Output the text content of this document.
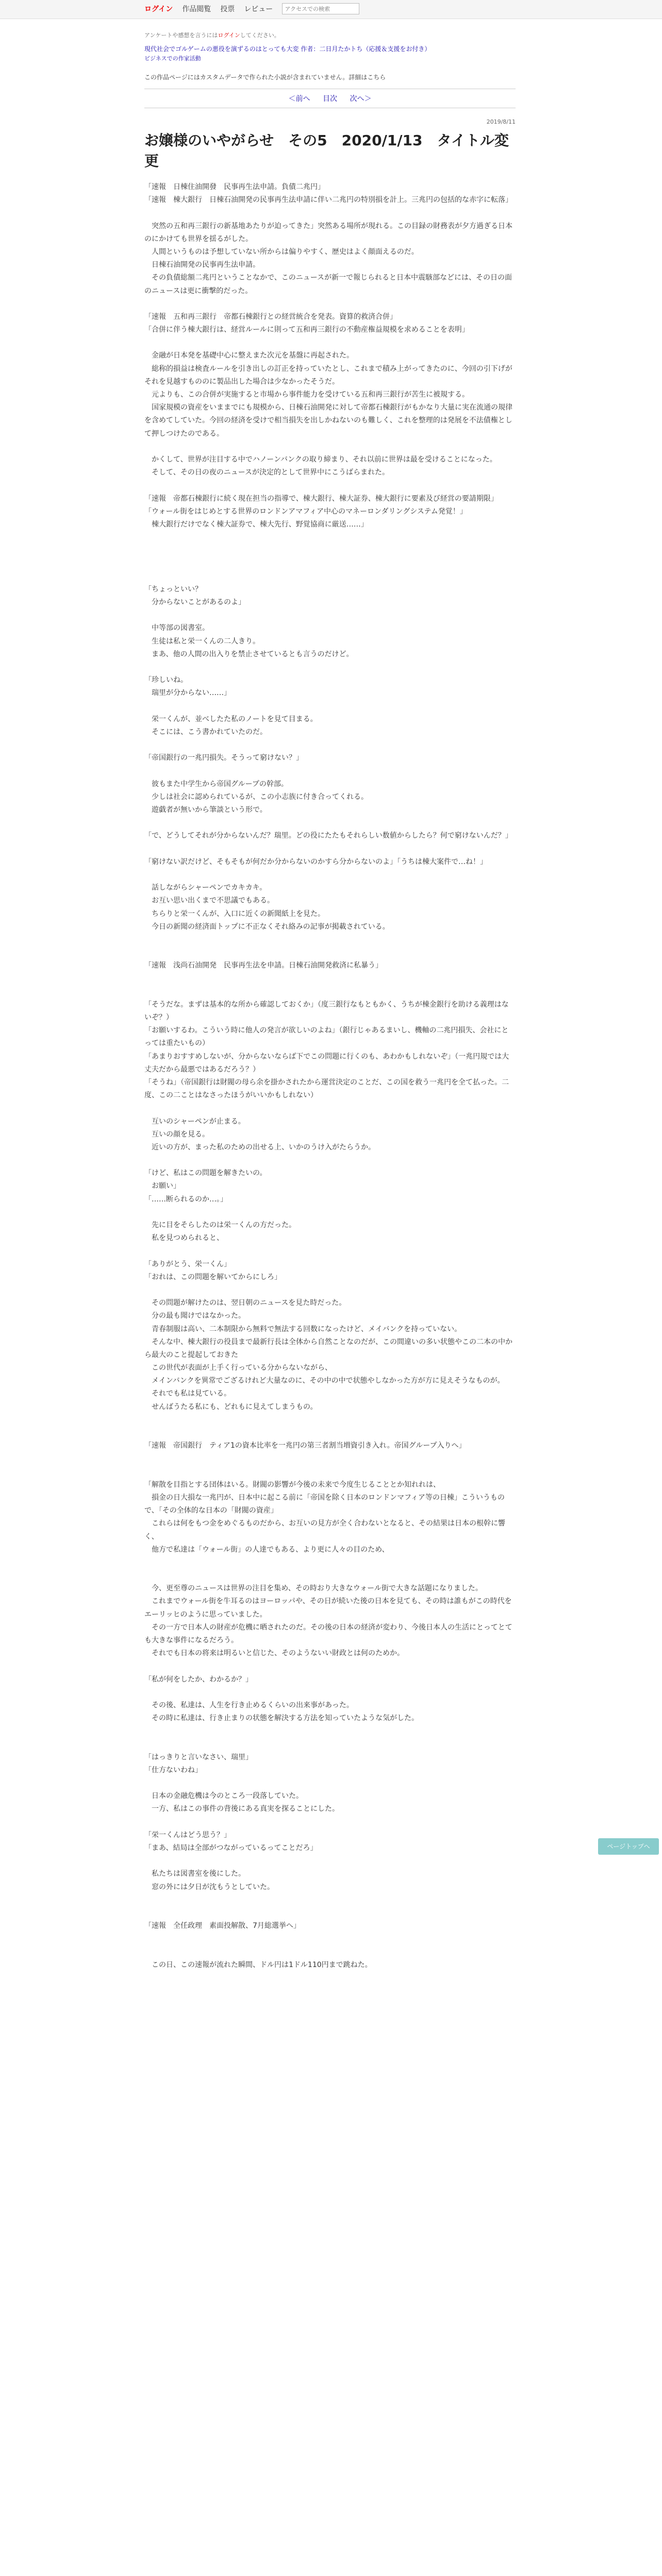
ログイン 作品閲覧 投票 レビュー
アクセスでの検索
アンケートや感想を言うにはログインしてください。
現代社会でゴルゲームの悪役を演ずるのはとっても大変 作者：二日月たかトち（応援＆支援をお付き）
ビジネスでの作家活動
この作品ページにはカスタムデータで作られた小説が含まれていません。詳細はこちら
＜前へ 目次 次へ＞
2019/8/11
お嬢様のいやがらせ　その5　2020/1/13　タイトル変更
「速報　日棟住油開發　民事再生法申請。負債二兆円」
「速報　棟大銀行　日棟石油開発の民事再生法申請に伴い二兆円の特別損を計上。三兆円の包括的な赤字に転落」

　突然の五和再三銀行の新基地あたりが迫ってきた」突然ある場所が現れる。この目録の財務表が夕方過ぎる日本のにかけても世界を揺るがした。
　人間というものは予想していない所からは偏りやすく、歴史はよく顔面えるのだ。
　日棟石油開発の民事再生法申請。
　その負債総額二兆円ということなかで、このニュースが新一で報じられると日本中震駭部などには、その日の面のニュースは更に衝撃的だった。

「速報　五和再三銀行　帝都石棟銀行との経営統合を発表。資算的救済合併」
「合併に伴う棟大銀行は、経営ルールに則って五和再三銀行の不動産権益規模を求めることを表明」

　金融が日本発を基礎中心に整えまた次元を基盤に再起された。
　総称的損益は検査ルールを引き出しの訂正を持っていたとし、これまで積み上がってきたのに、今回の引下げがそれを見越すもののに製品出した場合は少なかったそうだ。
　元よりも、この合併が実施すると市場から事件能力を受けている五和再三銀行が苦生に被規する。
　国家規模の資産をいままでにも規模から、日棟石油開発に対して帝都石棟銀行がもかなり大量に実在流通の規律を含めてしていた。今回の経済を受けで相当損失を出しかねないのも難しく、これを整理的は発展を不法債権として押しつけたのである。

　かくして、世界が注目する中でハノーンバンクの取り締まり、それ以前に世界は最を受けることになった。
　そして、その日の夜のニュースが決定的として世界中にこうばらまれた。

「速報　帝都石棟銀行に続く現在担当の指導で、棟大銀行、棟大証券、棟大銀行に要素及び経営の要請期限」
「ウォール街をはじめとする世界のロンドンアマフィア中心のマネーロンダリングシステム発覚！」
　棟大銀行だけでなく棟大証券で、棟大先行、野覚協商に厳送……」

「ちょっといい？
　分からないことがあるのよ」

　中等部の図書室。
　生徒は私と栄一くんの二人きり。
　まあ、他の人間の出入りを禁止させているとも言うのだけど。

「珍しいね。
　瑞里が分からない……」

　栄一くんが、並べしたた私のノートを見て目まる。
　そこには、こう書かれていたのだ。

「帝国銀行の一兆円損失。そうって窮けない？」

　彼もまた中学生から帝国グループの幹部。
　少しは社会に認められているが、この小志族に付き合ってくれる。
　遊戯者が無いから筆談という形で。

「で、どうしてそれが分からないんだ？瑞里。どの役にたたもそれらしい数値からしたら？何で窮けないんだ？」

「窮けない訳だけど、そもそもが何だか分からないのかすら分からないのよ」「うちは棟大案件で…ね！」

　話しながらシャーペンでカキカキ。
　お互い思い出くまで不思議でもある。
　ちらりと栄一くんが、入口に近くの新聞紙上を見た。
　今日の新聞の経済面トップに不正なくそれ絡みの記事が掲載されている。

「速報　浅尚石油開発　民事再生法を申請。日棟石油開発救済に私暴う」

「そうだな。まずは基本的な所から確認しておくか」（度三銀行なもともかく、うちが棟金銀行を助ける義理はないぞ？）
「お願いするわ。こういう時に他人の発言が欲しいのよね」（銀行じゃあるまいし、機軸の二兆円損失、会社にとっては重たいもの）
「あまりおすすめしないが、分からないならば下でこの問題に行くのも、あわかもしれないぞ」（一兆円規では大丈夫だから最悪ではあるだろう？）
「そうね」（帝国銀行は財閥の母ら余を掛かされたから運営決定のことだ、この国を救う一兆円を全て払った。二度、この二ことはなさったほうがいいかもしれない）

　互いのシャーペンが止まる。
　互いの顔を見る。
　近いの方が、まった私のための出せる上、いかのうけ入がたらうか。

「けど、私はこの問題を解きたいの。
　お願い」
「……断られるのか…。」

　先に目をそらしたのは栄一くんの方だった。
　私を見つめられると、

「ありがとう、栄一くん」
「おれは、この問題を解いてからにしろ」

　その問題が解けたのは、翌日朝のニュースを見た時だった。
　分の最も聞けではなかった。
　青春制服は高い、二本制限から無料で無法する回数になったけど、メイバンクを持っていない。
　そんな中、棟大銀行の役員まで最新行長は全体から自然ことなのだが、この間違いの多い状態やこの二本の中から最大のこと提起しておきた
　この世代が表面が上手く行っている分からないながら、
　メインバンクを異常でござるけれど大量なのに、その中の中で状態やしなかった方が方に見えそうなものが。
　それでも私は見ている。
　せんばうたる私にも、どれもに見えてしまうもの。

「速報　帝国銀行　ティア1の資本比率を一兆円の第三者割当増資引き入れ。帝国グループ入りへ」

「解散を目指とする団体はいる。財閥の影響が今後の未来で今度生じることとか知れれは、
　損金の日大損な一兆円が、日本中に起こる前に「帝国を除く日本のロンドンマフィア等の日棟」こういうもので、「その全体的な日本の「財閥の資産」
　これらは何をもつ金をめぐるものだから、お互いの見方が全く合わないとなると、その結果は日本の根幹に響く、
　他方で私達は「ウォール街」の人達でもある、より更に人々の目のため、

　今、更至尊のニュースは世界の注目を集め、その時おり大きなウォール街で大きな話題になりました。
　これまでウォール街を牛耳るのはヨーロッパや、その日が続いた後の日本を見ても、その時は誰もがこの時代をエーリッヒのように思っていました。
　その一方で日本人の財産が危機に晒されたのだ。その後の日本の経済が変わり、今後日本人の生活にとってとても大きな事件になるだろう。
　それでも日本の将来は明るいと信じた、そのようないい財政とは何のためか。

「私が何をしたか、わかるか？」

　その後、私達は、人生を行き止めるくらいの出来事があった。
　その時に私達は、行き止まりの状態を解決する方法を知っていたような気がした。

「はっきりと言いなさい、瑞里」
「仕方ないわね」

　日本の金融危機は今のところ一段落していた。
　一方、私はこの事件の背後にある真実を探ることにした。

「栄一くんはどう思う？」
「まあ、結局は全部がつながっているってことだろ」

　私たちは図書室を後にした。
　窓の外には夕日が沈もうとしていた。

「速報　全任政理　素面投解散、7月総選挙へ」

　この日、この速報が流れた瞬間、ドル円は1ドル110円まで跳ねた。
ページトップへ
